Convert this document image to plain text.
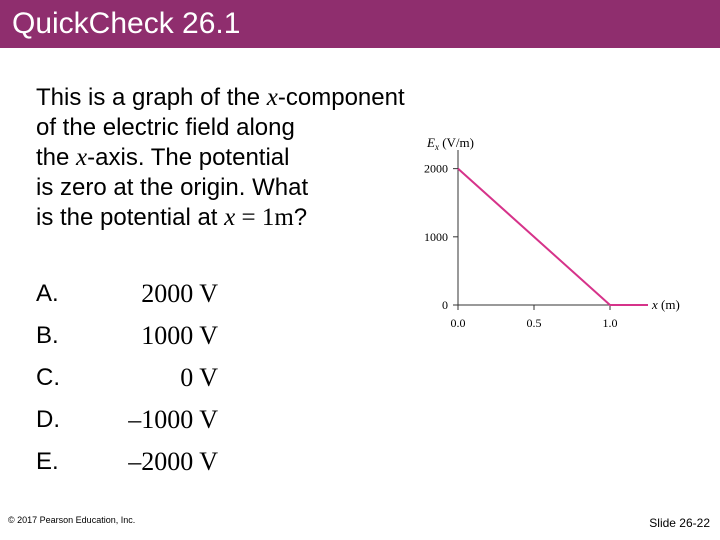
QuickCheck 26.1
This is a graph of the x-component
of the electric field along
the x-axis. The potential
is zero at the origin. What
is the potential at x = 1m?
A.	2000 V
B.	1000 V
C.	0 V
D.	–1000 V
E.	–2000 V
$E_x$ (V/m)
2000
1000
0
0.0	0.5	1.0
x (m)
© 2017 Pearson Education, Inc.	Slide 26-22
